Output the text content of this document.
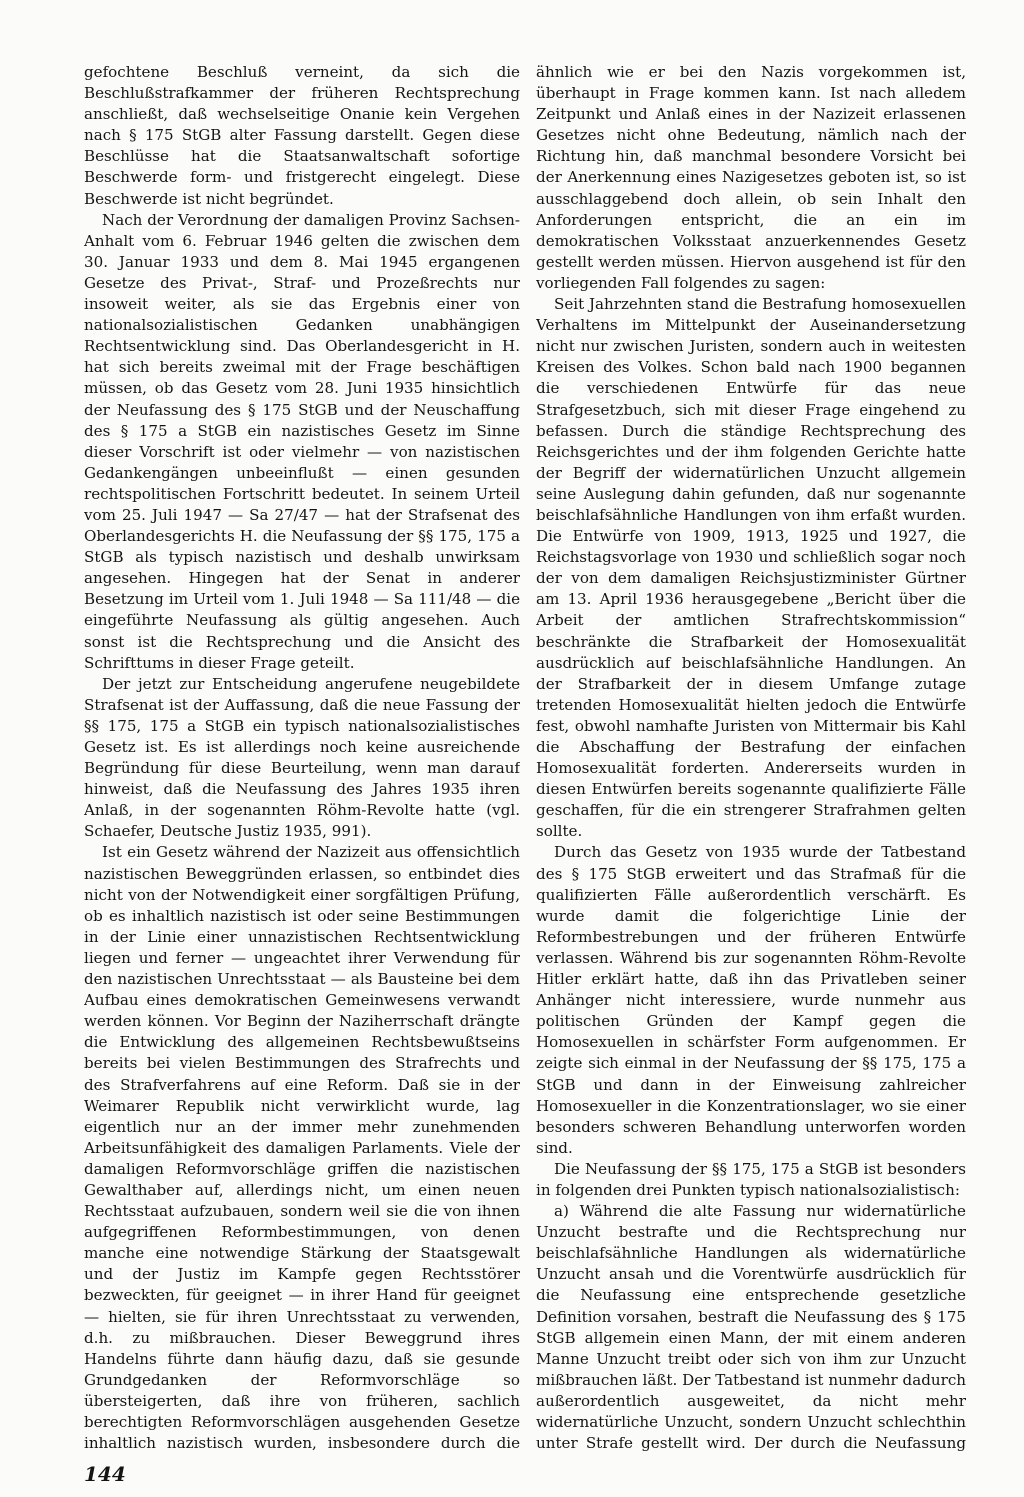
gefochtene Beschluß verneint, da sich die Beschlußstrafkammer der früheren Rechtsprechung anschließt, daß wechselseitige Onanie kein Vergehen nach § 175 StGB alter Fassung darstellt. Gegen diese Beschlüsse hat die Staatsanwaltschaft sofortige Beschwerde form- und fristgerecht eingelegt. Diese Beschwerde ist nicht begründet.

Nach der Verordnung der damaligen Provinz Sachsen-Anhalt vom 6. Februar 1946 gelten die zwischen dem 30. Januar 1933 und dem 8. Mai 1945 ergangenen Gesetze des Privat-, Straf- und Prozeßrechts nur insoweit weiter, als sie das Ergebnis einer von nationalsozialistischen Gedanken unabhängigen Rechtsentwicklung sind. Das Oberlandesgericht in H. hat sich bereits zweimal mit der Frage beschäftigen müssen, ob das Gesetz vom 28. Juni 1935 hinsichtlich der Neufassung des § 175 StGB und der Neuschaffung des § 175 a StGB ein nazistisches Gesetz im Sinne dieser Vorschrift ist oder vielmehr — von nazistischen Gedankengängen unbeeinflußt — einen gesunden rechtspolitischen Fortschritt bedeutet. In seinem Urteil vom 25. Juli 1947 — Sa 27/47 — hat der Strafsenat des Oberlandesgerichts H. die Neufassung der §§ 175, 175 a StGB als typisch nazistisch und deshalb unwirksam angesehen. Hingegen hat der Senat in anderer Besetzung im Urteil vom 1. Juli 1948 — Sa 111/48 — die eingeführte Neufassung als gültig angesehen. Auch sonst ist die Rechtsprechung und die Ansicht des Schrifttums in dieser Frage geteilt.

Der jetzt zur Entscheidung angerufene neugebildete Strafsenat ist der Auffassung, daß die neue Fassung der §§ 175, 175 a StGB ein typisch nationalsozialistisches Gesetz ist. Es ist allerdings noch keine ausreichende Begründung für diese Beurteilung, wenn man darauf hinweist, daß die Neufassung des Jahres 1935 ihren Anlaß, in der sogenannten Röhm-Revolte hatte (vgl. Schaefer, Deutsche Justiz 1935, 991).

Ist ein Gesetz während der Nazizeit aus offensichtlich nazistischen Beweggründen erlassen, so entbindet dies nicht von der Notwendigkeit einer sorgfältigen Prüfung, ob es inhaltlich nazistisch ist oder seine Bestimmungen in der Linie einer unnazistischen Rechtsentwicklung liegen und ferner — ungeachtet ihrer Verwendung für den nazistischen Unrechtsstaat — als Bausteine bei dem Aufbau eines demokratischen Gemeinwesens verwandt werden können. Vor Beginn der Naziherrschaft drängte die Entwicklung des allgemeinen Rechtsbewußtseins bereits bei vielen Bestimmungen des Strafrechts und des Strafverfahrens auf eine Reform. Daß sie in der Weimarer Republik nicht verwirklicht wurde, lag eigentlich nur an der immer mehr zunehmenden Arbeitsunfähigkeit des damaligen Parlaments. Viele der damaligen Reformvorschläge griffen die nazistischen Gewalthaber auf, allerdings nicht, um einen neuen Rechtsstaat aufzubauen, sondern weil sie die von ihnen aufgegriffenen Reformbestimmungen, von denen manche eine notwendige Stärkung der Staatsgewalt und der Justiz im Kampfe gegen Rechtsstörer bezweckten, für geeignet — in ihrer Hand für geeignet — hielten, sie für ihren Unrechtsstaat zu verwenden, d.h. zu mißbrauchen. Dieser Beweggrund ihres Handelns führte dann häufig dazu, daß sie gesunde Grundgedanken der Reformvorschläge so übersteigerten, daß ihre von früheren, sachlich berechtigten Reformvorschlägen ausgehenden Gesetze inhaltlich nazistisch wurden, insbesondere durch die

ähnlich wie er bei den Nazis vorgekommen ist, überhaupt in Frage kommen kann. Ist nach alledem Zeitpunkt und Anlaß eines in der Nazizeit erlassenen Gesetzes nicht ohne Bedeutung, nämlich nach der Richtung hin, daß manchmal besondere Vorsicht bei der Anerkennung eines Nazigesetzes geboten ist, so ist ausschlaggebend doch allein, ob sein Inhalt den Anforderungen entspricht, die an ein im demokratischen Volksstaat anzuerkennendes Gesetz gestellt werden müssen. Hiervon ausgehend ist für den vorliegenden Fall folgendes zu sagen:

Seit Jahrzehnten stand die Bestrafung homosexuellen Verhaltens im Mittelpunkt der Auseinandersetzung nicht nur zwischen Juristen, sondern auch in weitesten Kreisen des Volkes. Schon bald nach 1900 begannen die verschiedenen Entwürfe für das neue Strafgesetzbuch, sich mit dieser Frage eingehend zu befassen. Durch die ständige Rechtsprechung des Reichsgerichtes und der ihm folgenden Gerichte hatte der Begriff der widernatürlichen Unzucht allgemein seine Auslegung dahin gefunden, daß nur sogenannte beischlafsähnliche Handlungen von ihm erfaßt wurden. Die Entwürfe von 1909, 1913, 1925 und 1927, die Reichstagsvorlage von 1930 und schließlich sogar noch der von dem damaligen Reichsjustizminister Gürtner am 13. April 1936 herausgegebene „Bericht über die Arbeit der amtlichen Strafrechtskommission“ beschränkte die Strafbarkeit der Homosexualität ausdrücklich auf beischlafsähnliche Handlungen. An der Strafbarkeit der in diesem Umfange zutage tretenden Homosexualität hielten jedoch die Entwürfe fest, obwohl namhafte Juristen von Mittermair bis Kahl die Abschaffung der Bestrafung der einfachen Homosexualität forderten. Andererseits wurden in diesen Entwürfen bereits sogenannte qualifizierte Fälle geschaffen, für die ein strengerer Strafrahmen gelten sollte.

Durch das Gesetz von 1935 wurde der Tatbestand des § 175 StGB erweitert und das Strafmaß für die qualifizierten Fälle außerordentlich verschärft. Es wurde damit die folgerichtige Linie der Reformbestrebungen und der früheren Entwürfe verlassen. Während bis zur sogenannten Röhm-Revolte Hitler erklärt hatte, daß ihn das Privatleben seiner Anhänger nicht interessiere, wurde nunmehr aus politischen Gründen der Kampf gegen die Homosexuellen in schärfster Form aufgenommen. Er zeigte sich einmal in der Neufassung der §§ 175, 175 a StGB und dann in der Einweisung zahlreicher Homosexueller in die Konzentrationslager, wo sie einer besonders schweren Behandlung unterworfen worden sind.

Die Neufassung der §§ 175, 175 a StGB ist besonders in folgenden drei Punkten typisch nationalsozialistisch:

a) Während die alte Fassung nur widernatürliche Unzucht bestrafte und die Rechtsprechung nur beischlafsähnliche Handlungen als widernatürliche Unzucht ansah und die Vorentwürfe ausdrücklich für die Neufassung eine entsprechende gesetzliche Definition vorsahen, bestraft die Neufassung des § 175 StGB allgemein einen Mann, der mit einem anderen Manne Unzucht treibt oder sich von ihm zur Unzucht mißbrauchen läßt. Der Tatbestand ist nunmehr dadurch außerordentlich ausgeweitet, da nicht mehr widernatürliche Unzucht, sondern Unzucht schlechthin unter Strafe gestellt wird. Der durch die Neufassung

144
